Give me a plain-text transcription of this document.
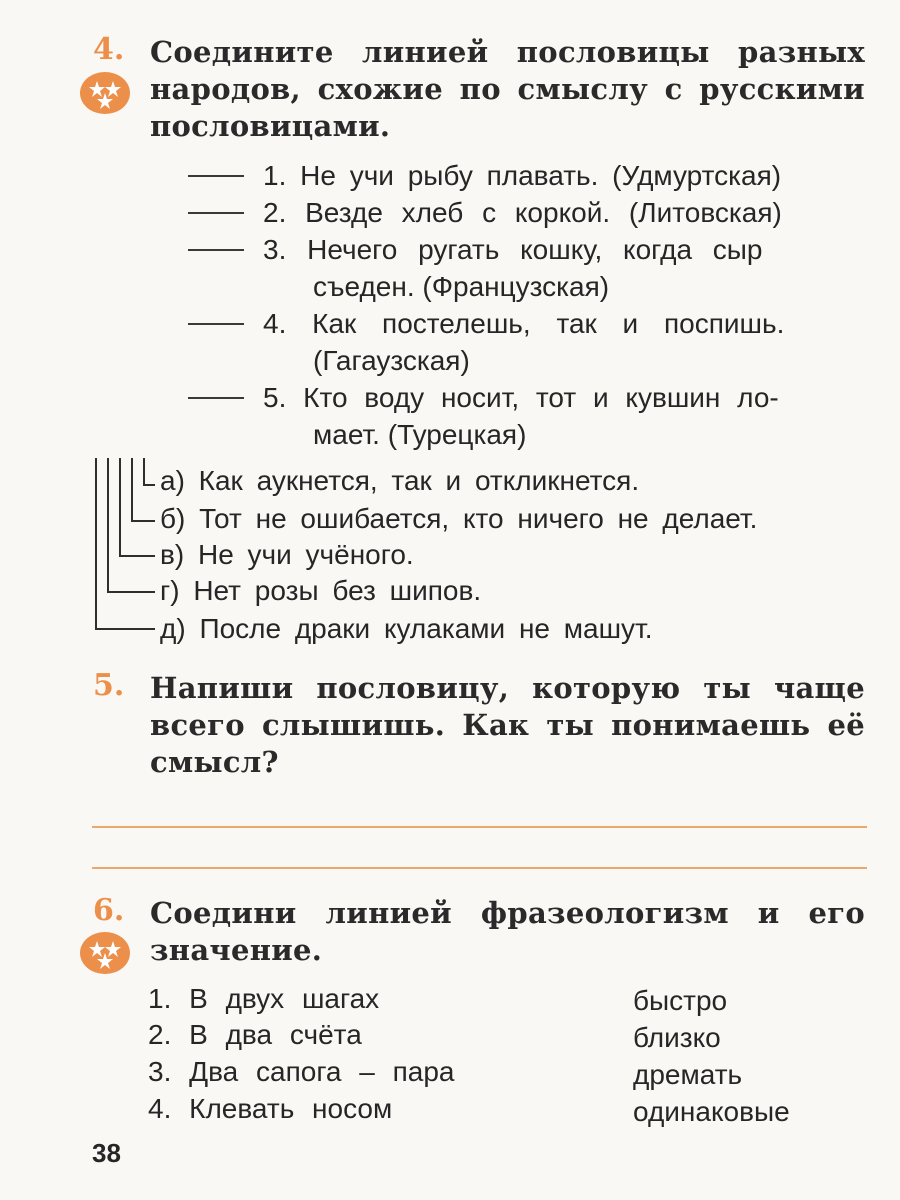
4. Соедините линией пословицы разных народов, схожие по смыслу с русскими пословицами.
1. Не учи рыбу плавать. (Удмуртская)
2. Везде хлеб с коркой. (Литовская)
3. Нечего ругать кошку, когда сыр
съеден. (Французская)
4. Как постелешь, так и поспишь.
(Гагаузская)
5. Кто воду носит, тот и кувшин ло-
мает. (Турецкая)
а) Как аукнется, так и откликнется.
б) Тот не ошибается, кто ничего не делает.
в) Не учи учёного.
г) Нет розы без шипов.
д) После драки кулаками не машут.
5. Напиши пословицу, которую ты чаще всего слышишь. Как ты понимаешь её смысл?
6. Соедини линией фразеологизм и его значение.
1. В двух шагах
2. В два счёта
3. Два сапога – пара
4. Клевать носом
быстро
близко
дремать
одинаковые
38
